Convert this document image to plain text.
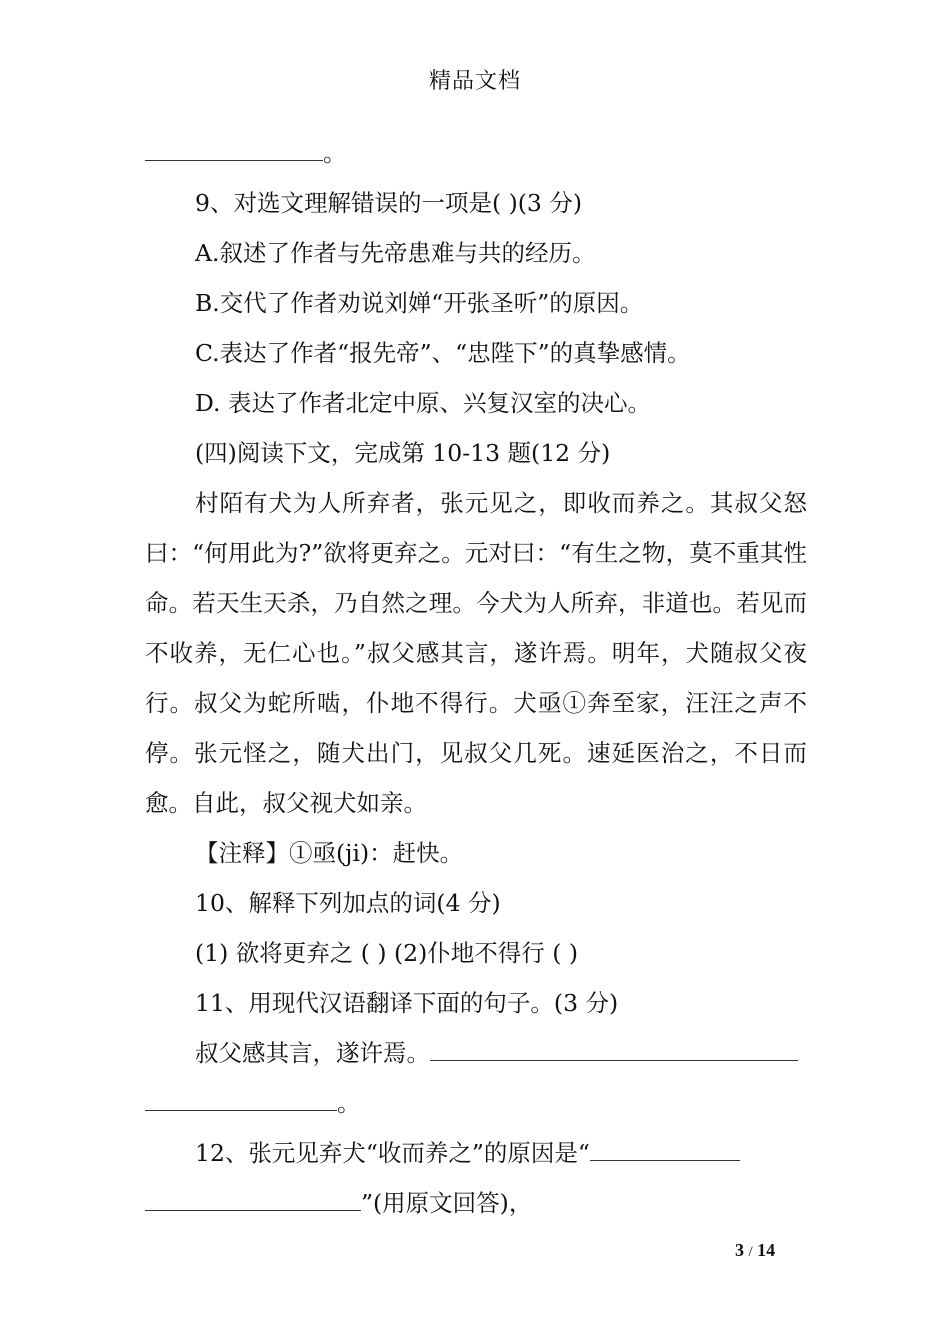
精品文档
。
9、对选文理解错误的一项是( )(3 分)
A.叙述了作者与先帝患难与共的经历。
B.交代了作者劝说刘婵“开张圣听”的原因。
C.表达了作者“报先帝”、“忠陛下”的真挚感情。
D. 表达了作者北定中原、兴复汉室的决心。
(四)阅读下文，完成第 10-13 题(12 分)
村陌有犬为人所弃者，张元见之，即收而养之。其叔父怒曰：“何用此为?”欲将更弃之。元对曰：“有生之物，莫不重其性命。若天生天杀，乃自然之理。今犬为人所弃，非道也。若见而不收养，无仁心也。”叔父感其言，遂许焉。明年，犬随叔父夜行。叔父为蛇所啮，仆地不得行。犬亟①奔至家，汪汪之声不停。张元怪之，随犬出门，见叔父几死。速延医治之，不日而愈。自此，叔父视犬如亲。
【注释】①亟(ji)：赶快。
10、解释下列加点的词(4 分)
(1) 欲将更弃之 ( ) (2)仆地不得行 ( )
11、用现代汉语翻译下面的句子。(3 分)
叔父感其言，遂许焉。
。
12、张元见弃犬“收而养之”的原因是“
”(用原文回答)，
3 / 14
